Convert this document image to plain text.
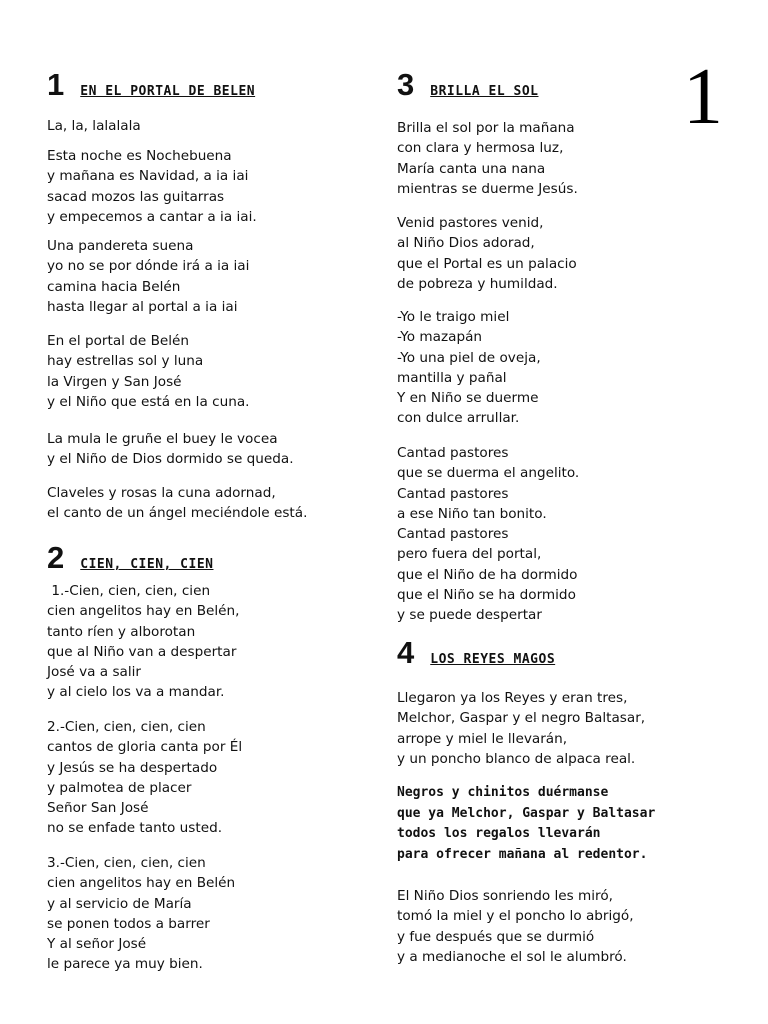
1
1 EN EL PORTAL DE BELEN
La, la, lalalala
Esta noche es Nochebuena
y mañana es Navidad, a ia iai
sacad mozos las guitarras
y empecemos a cantar a ia iai.
Una pandereta suena
yo no se por dónde irá a ia iai
camina hacia Belén
hasta llegar al portal a ia iai
En el portal de Belén
hay estrellas sol y luna
la Virgen y San José
y el Niño que está en la cuna.
La mula le gruñe el buey le vocea
y el Niño de Dios dormido se queda.
Claveles y rosas la cuna adornad,
el canto de un ángel meciéndole está.
2 CIEN, CIEN, CIEN
1.-Cien, cien, cien, cien
cien angelitos hay en Belén,
tanto ríen y alborotan
que al Niño van a despertar
José va a salir
y al cielo los va a mandar.
2.-Cien, cien, cien, cien
cantos de gloria canta por Él
y Jesús se ha despertado
y palmotea de placer
Señor San José
no se enfade tanto usted.
3.-Cien, cien, cien, cien
cien angelitos hay en Belén
y al servicio de María
se ponen todos a barrer
Y al señor José
le parece ya muy bien.
3 BRILLA EL SOL
Brilla el sol por la mañana
con clara y hermosa luz,
María canta una nana
mientras se duerme Jesús.
Venid pastores venid,
al Niño Dios adorad,
que el Portal es un palacio
de pobreza y humildad.
-Yo le traigo miel
-Yo mazapán
-Yo una piel de oveja,
mantilla y pañal
Y en Niño se duerme
con dulce arrullar.
Cantad pastores
que se duerma el angelito.
Cantad pastores
a ese Niño tan bonito.
Cantad pastores
pero fuera del portal,
que el Niño de ha dormido
que el Niño se ha dormido
y se puede despertar
4 LOS REYES MAGOS
Llegaron ya los Reyes y eran tres,
Melchor, Gaspar y el negro Baltasar,
arrope y miel le llevarán,
y un poncho blanco de alpaca real.
Negros y chinitos duérmanse
que ya Melchor, Gaspar y Baltasar
todos los regalos llevarán
para ofrecer mañana al redentor.
El Niño Dios sonriendo les miró,
tomó la miel y el poncho lo abrigó,
y fue después que se durmió
y a medianoche el sol le alumbró.
